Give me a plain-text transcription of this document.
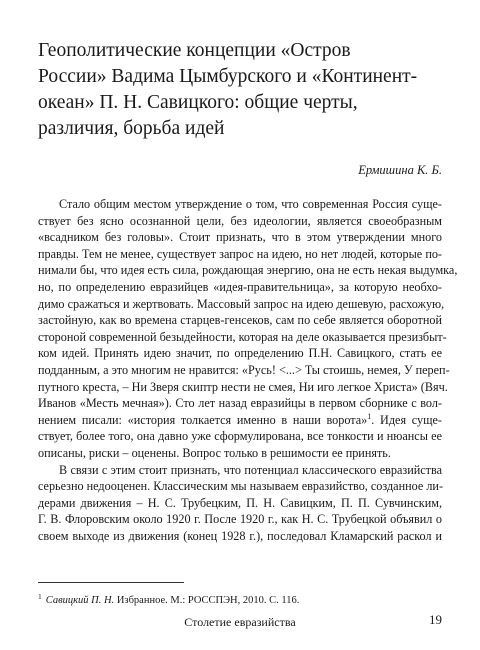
Геополитические концепции «Остров
России» Вадима Цымбурского и «Континент-
океан» П. Н. Савицкого: общие черты,
различия, борьба идей
Ермишина К. Б.
Стало общим местом утверждение о том, что современная Россия суще-
ствует без ясно осознанной цели, без идеологии, является своеобразным
«всадником без головы». Стоит признать, что в этом утверждении много
правды. Тем не менее, существует запрос на идею, но нет людей, которые по-
нимали бы, что идея есть сила, рождающая энергию, она не есть некая выдумка,
но, по определению евразийцев «идея-правительница», за которую необхо-
димо сражаться и жертвовать. Массовый запрос на идею дешевую, расхожую,
застойную, как во времена старцев-генсеков, сам по себе является оборотной
стороной современной безыдейности, которая на деле оказывается презизбыт-
ком идей. Принять идею значит, по определению П.Н. Савицкого, стать ее
подданным, а это многим не нравится: «Русь! <...> Ты стоишь, немея, У переп-
путного креста, – Ни Зверя скиптр нести не смея, Ни иго легкое Христа» (Вяч.
Иванов «Месть мечная»). Сто лет назад евразийцы в первом сборнике с вол-
нением писали: «история толкается именно в наши ворота»$^1$. Идея суще-
ствует, более того, она давно уже сформулирована, все тонкости и нюансы ее
описаны, риски – оценены. Вопрос только в решимости ее принять.
В связи с этим стоит признать, что потенциал классического евразийства
серьезно недооценен. Классическим мы называем евразийство, созданное ли-
дерами движения – Н. С. Трубецким, П. Н. Савицким, П. П. Сувчинским,
Г. В. Флоровским около 1920 г. После 1920 г., как Н. С. Трубецкой объявил о
своем выходе из движения (конец 1928 г.), последовал Кламарский раскол и
$^1$ Савицкий П. Н. Избранное. М.: РОССПЭН, 2010. С. 116.
Столетие евразийства	19
